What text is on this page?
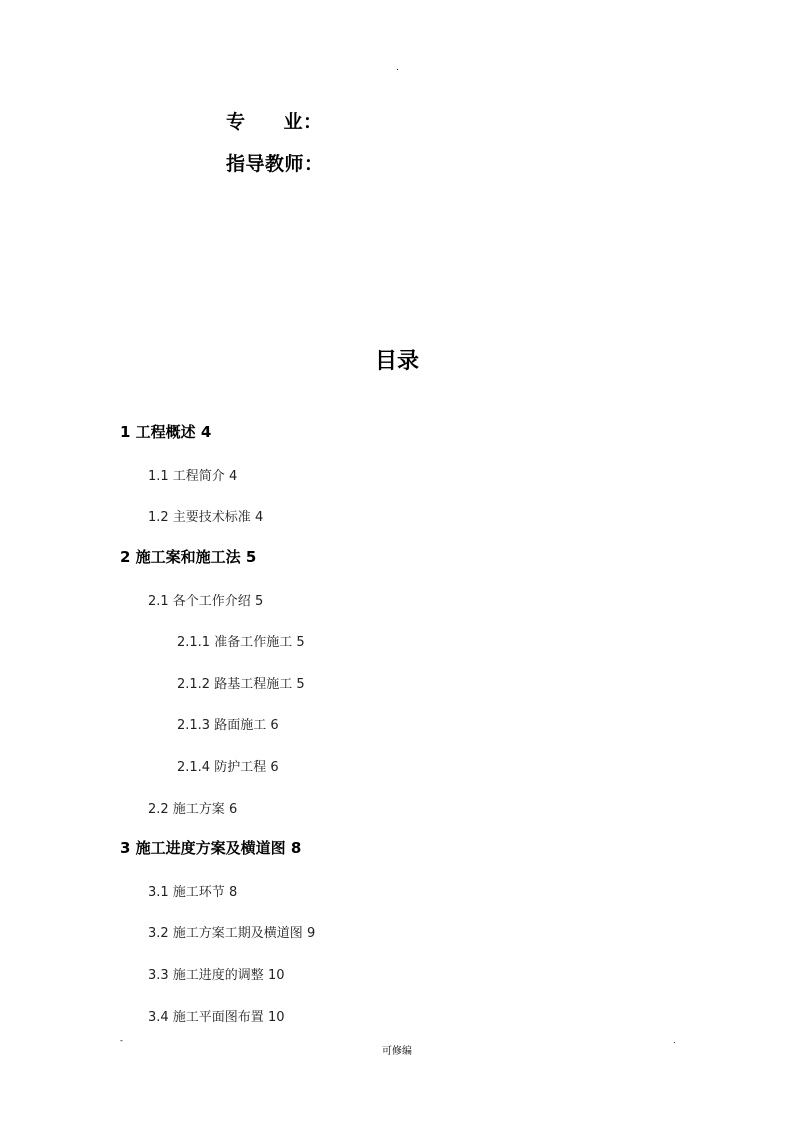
.
专 业：
指导教师：
目录
1 工程概述 4
1.1 工程简介 4
1.2 主要技术标准 4
2 施工案和施工法 5
2.1 各个工作介绍 5
2.1.1 准备工作施工 5
2.1.2 路基工程施工 5
2.1.3 路面施工 6
2.1.4 防护工程 6
2.2 施工方案 6
3 施工进度方案及横道图 8
3.1 施工环节 8
3.2 施工方案工期及横道图 9
3.3 施工进度的调整 10
3.4 施工平面图布置 10
-
可修编
.
